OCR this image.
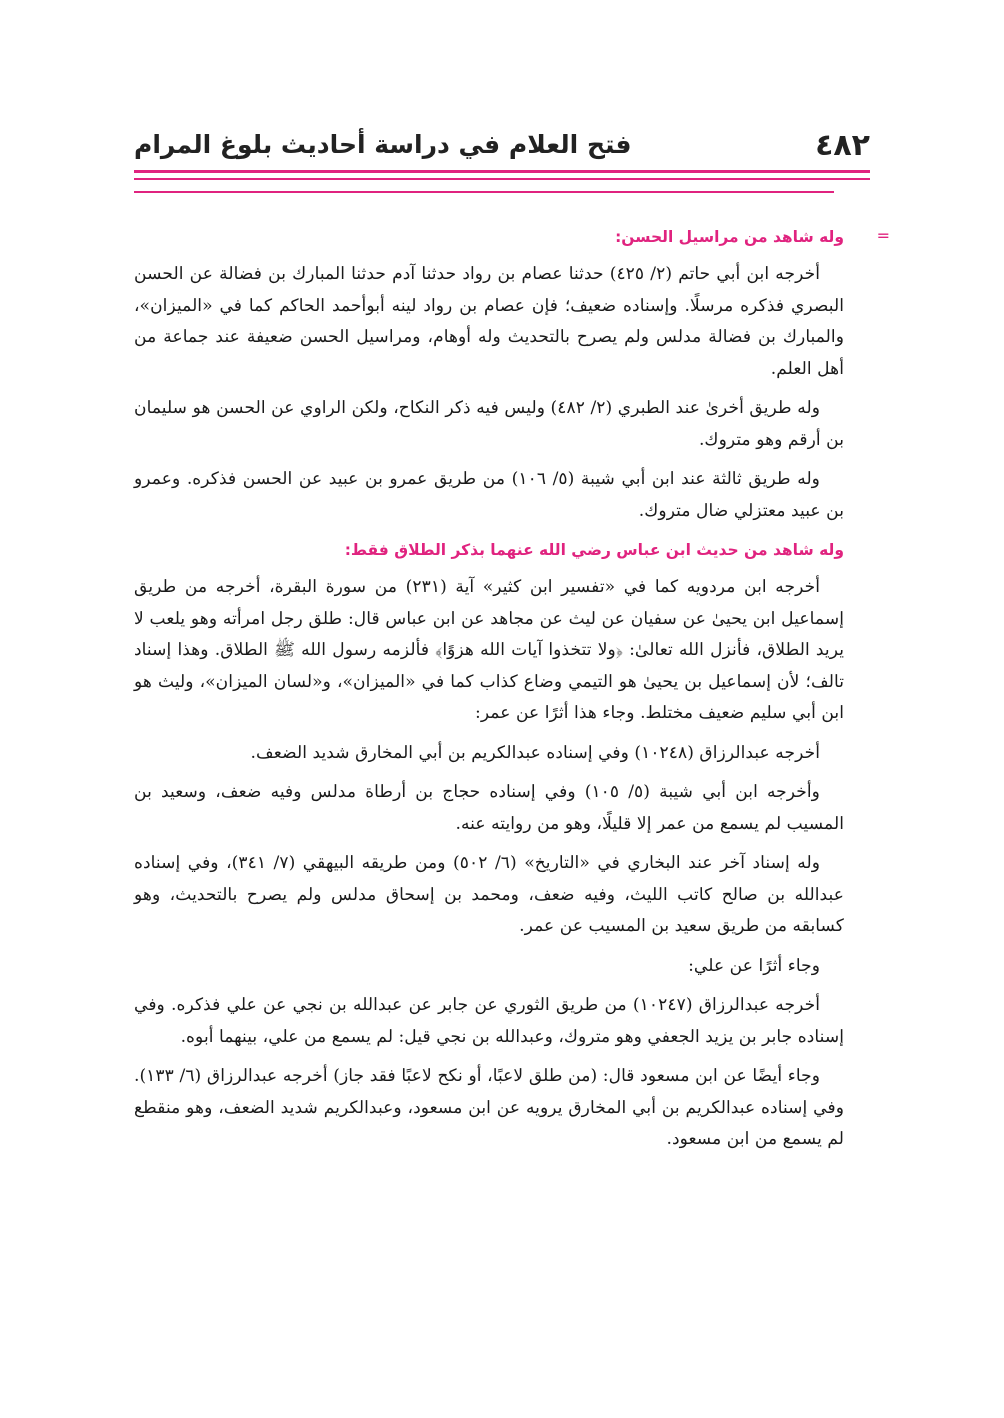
٤٨٢
فتح العلام في دراسة أحاديث بلوغ المرام
=
وله شاهد من مراسيل الحسن:

أخرجه ابن أبي حاتم (٢/ ٤٢٥) حدثنا عصام بن رواد حدثنا آدم حدثنا المبارك بن فضالة عن الحسن البصري فذكره مرسلًا. وإسناده ضعيف؛ فإن عصام بن رواد لينه أبوأحمد الحاكم كما في «الميزان»، والمبارك بن فضالة مدلس ولم يصرح بالتحديث وله أوهام، ومراسيل الحسن ضعيفة عند جماعة من أهل العلم.

وله طريق أخرىٰ عند الطبري (٢/ ٤٨٢) وليس فيه ذكر النكاح، ولكن الراوي عن الحسن هو سليمان بن أرقم وهو متروك.

وله طريق ثالثة عند ابن أبي شيبة (٥/ ١٠٦) من طريق عمرو بن عبيد عن الحسن فذكره. وعمرو بن عبيد معتزلي ضال متروك.

وله شاهد من حديث ابن عباس رضي الله عنهما بذكر الطلاق فقط:

أخرجه ابن مردويه كما في «تفسير ابن كثير» آية (٢٣١) من سورة البقرة، أخرجه من طريق إسماعيل ابن يحيىٰ عن سفيان عن ليث عن مجاهد عن ابن عباس قال: طلق رجل امرأته وهو يلعب لا يريد الطلاق، فأنزل الله تعالىٰ: ﴿ولا تتخذوا آيات الله هزوًا﴾ فألزمه رسول الله ﷺ الطلاق. وهذا إسناد تالف؛ لأن إسماعيل بن يحيىٰ هو التيمي وضاع كذاب كما في «الميزان»، و«لسان الميزان»، وليث هو ابن أبي سليم ضعيف مختلط. وجاء هذا أثرًا عن عمر:

أخرجه عبدالرزاق (١٠٢٤٨) وفي إسناده عبدالكريم بن أبي المخارق شديد الضعف.

وأخرجه ابن أبي شيبة (٥/ ١٠٥) وفي إسناده حجاج بن أرطاة مدلس وفيه ضعف، وسعيد بن المسيب لم يسمع من عمر إلا قليلًا، وهو من روايته عنه.

وله إسناد آخر عند البخاري في «التاريخ» (٦/ ٥٠٢) ومن طريقه البيهقي (٧/ ٣٤١)، وفي إسناده عبدالله بن صالح كاتب الليث، وفيه ضعف، ومحمد بن إسحاق مدلس ولم يصرح بالتحديث، وهو كسابقه من طريق سعيد بن المسيب عن عمر.

وجاء أثرًا عن علي:

أخرجه عبدالرزاق (١٠٢٤٧) من طريق الثوري عن جابر عن عبدالله بن نجي عن علي فذكره. وفي إسناده جابر بن يزيد الجعفي وهو متروك، وعبدالله بن نجي قيل: لم يسمع من علي، بينهما أبوه.

وجاء أيضًا عن ابن مسعود قال: (من طلق لاعبًا، أو نكح لاعبًا فقد جاز) أخرجه عبدالرزاق (٦/ ١٣٣). وفي إسناده عبدالكريم بن أبي المخارق يرويه عن ابن مسعود، وعبدالكريم شديد الضعف، وهو منقطع لم يسمع من ابن مسعود.
